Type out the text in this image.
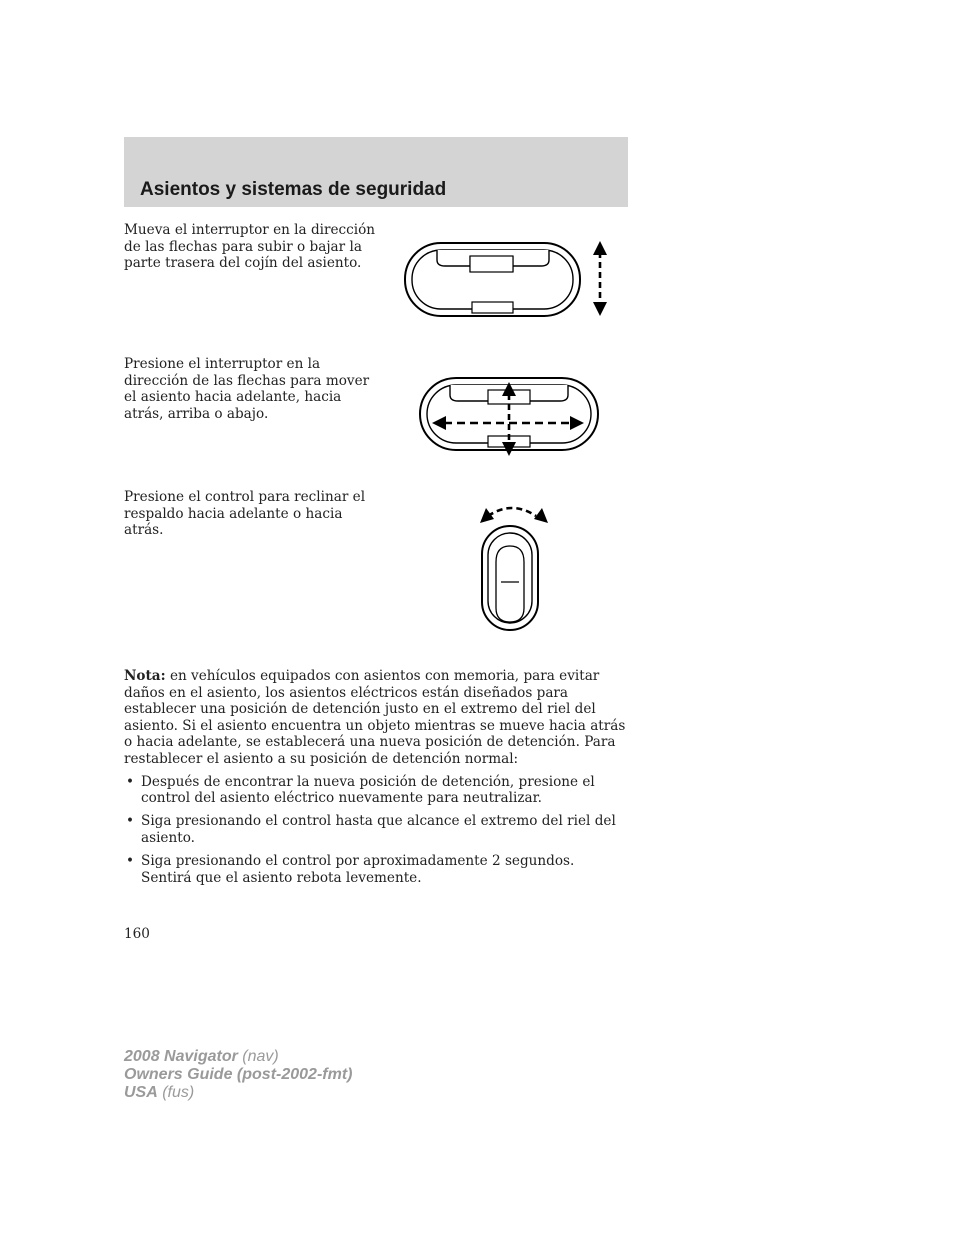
Asientos y sistemas de seguridad

Mueva el interruptor en la dirección de las flechas para subir o bajar la parte trasera del cojín del asiento.

Presione el interruptor en la dirección de las flechas para mover el asiento hacia adelante, hacia atrás, arriba o abajo.

Presione el control para reclinar el respaldo hacia adelante o hacia atrás.

Nota: en vehículos equipados con asientos con memoria, para evitar daños en el asiento, los asientos eléctricos están diseñados para establecer una posición de detención justo en el extremo del riel del asiento. Si el asiento encuentra un objeto mientras se mueve hacia atrás o hacia adelante, se establecerá una nueva posición de detención. Para restablecer el asiento a su posición de detención normal:

• Después de encontrar la nueva posición de detención, presione el control del asiento eléctrico nuevamente para neutralizar.
• Siga presionando el control hasta que alcance el extremo del riel del asiento.
• Siga presionando el control por aproximadamente 2 segundos. Sentirá que el asiento rebota levemente.
160
2008 Navigator (nav)
Owners Guide (post-2002-fmt)
USA (fus)
